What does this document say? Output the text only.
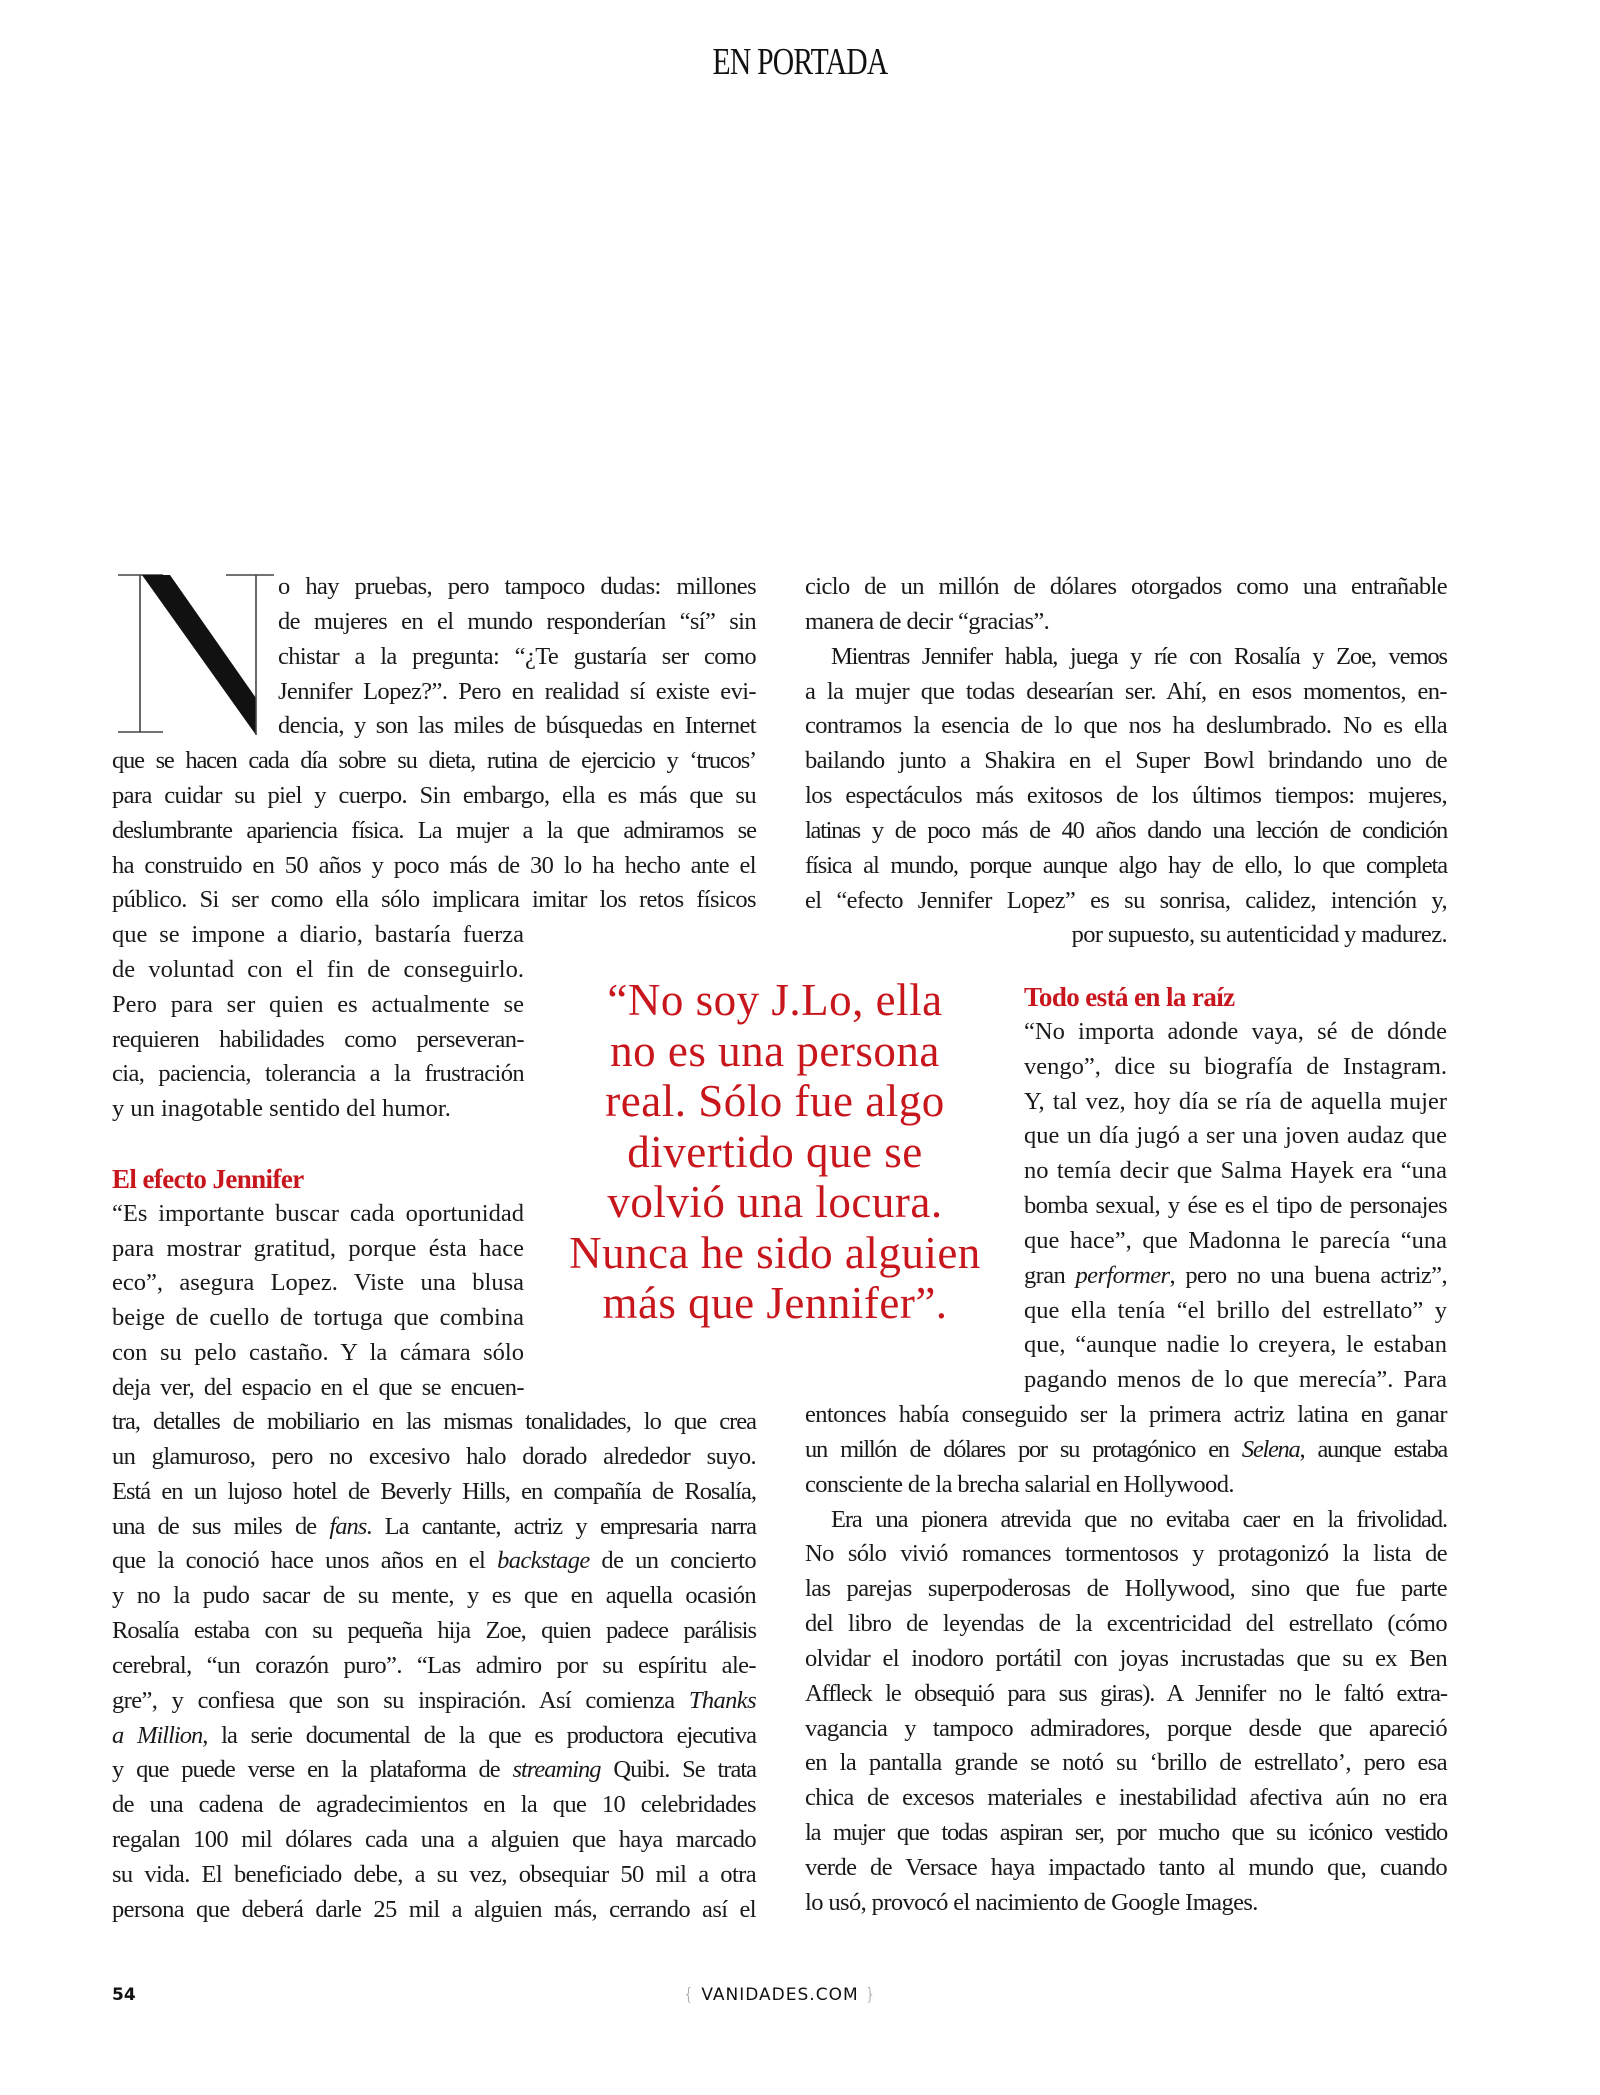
EN PORTADA
o hay pruebas, pero tampoco dudas: millones
de mujeres en el mundo responderían “sí” sin
chistar a la pregunta: “¿Te gustaría ser como
Jennifer Lopez?”. Pero en realidad sí existe evi-
dencia, y son las miles de búsquedas en Internet
que se hacen cada día sobre su dieta, rutina de ejercicio y ‘trucos’
para cuidar su piel y cuerpo. Sin embargo, ella es más que su
deslumbrante apariencia física. La mujer a la que admiramos se
ha construido en 50 años y poco más de 30 lo ha hecho ante el
público. Si ser como ella sólo implicara imitar los retos físicos
que se impone a diario, bastaría fuerza
de voluntad con el fin de conseguirlo.
Pero para ser quien es actualmente se
requieren habilidades como perseveran-
cia, paciencia, tolerancia a la frustración
y un inagotable sentido del humor.
El efecto Jennifer
“Es importante buscar cada oportunidad
para mostrar gratitud, porque ésta hace
eco”, asegura Lopez. Viste una blusa
beige de cuello de tortuga que combina
con su pelo castaño. Y la cámara sólo
deja ver, del espacio en el que se encuen-
tra, detalles de mobiliario en las mismas tonalidades, lo que crea
un glamuroso, pero no excesivo halo dorado alrededor suyo.
Está en un lujoso hotel de Beverly Hills, en compañía de Rosalía,
una de sus miles de fans. La cantante, actriz y empresaria narra
que la conoció hace unos años en el backstage de un concierto
y no la pudo sacar de su mente, y es que en aquella ocasión
Rosalía estaba con su pequeña hija Zoe, quien padece parálisis
cerebral, “un corazón puro”. “Las admiro por su espíritu ale-
gre”, y confiesa que son su inspiración. Así comienza Thanks
a Million, la serie documental de la que es productora ejecutiva
y que puede verse en la plataforma de streaming Quibi. Se trata
de una cadena de agradecimientos en la que 10 celebridades
regalan 100 mil dólares cada una a alguien que haya marcado
su vida. El beneficiado debe, a su vez, obsequiar 50 mil a otra
persona que deberá darle 25 mil a alguien más, cerrando así el
“No soy J.Lo, ella
no es una persona
real. Sólo fue algo
divertido que se
volvió una locura.
Nunca he sido alguien
más que Jennifer”.
ciclo de un millón de dólares otorgados como una entrañable
manera de decir “gracias”.
Mientras Jennifer habla, juega y ríe con Rosalía y Zoe, vemos
a la mujer que todas desearían ser. Ahí, en esos momentos, en-
contramos la esencia de lo que nos ha deslumbrado. No es ella
bailando junto a Shakira en el Super Bowl brindando uno de
los espectáculos más exitosos de los últimos tiempos: mujeres,
latinas y de poco más de 40 años dando una lección de condición
física al mundo, porque aunque algo hay de ello, lo que completa
el “efecto Jennifer Lopez” es su sonrisa, calidez, intención y,
por supuesto, su autenticidad y madurez.
Todo está en la raíz
“No importa adonde vaya, sé de dónde
vengo”, dice su biografía de Instagram.
Y, tal vez, hoy día se ría de aquella mujer
que un día jugó a ser una joven audaz que
no temía decir que Salma Hayek era “una
bomba sexual, y ése es el tipo de personajes
que hace”, que Madonna le parecía “una
gran performer, pero no una buena actriz”,
que ella tenía “el brillo del estrellato” y
que, “aunque nadie lo creyera, le estaban
pagando menos de lo que merecía”. Para
entonces había conseguido ser la primera actriz latina en ganar
un millón de dólares por su protagónico en Selena, aunque estaba
consciente de la brecha salarial en Hollywood.
Era una pionera atrevida que no evitaba caer en la frivolidad.
No sólo vivió romances tormentosos y protagonizó la lista de
las parejas superpoderosas de Hollywood, sino que fue parte
del libro de leyendas de la excentricidad del estrellato (cómo
olvidar el inodoro portátil con joyas incrustadas que su ex Ben
Affleck le obsequió para sus giras). A Jennifer no le faltó extra-
vagancia y tampoco admiradores, porque desde que apareció
en la pantalla grande se notó su ‘brillo de estrellato’, pero esa
chica de excesos materiales e inestabilidad afectiva aún no era
la mujer que todas aspiran ser, por mucho que su icónico vestido
verde de Versace haya impactado tanto al mundo que, cuando
lo usó, provocó el nacimiento de Google Images.
54	{ VANIDADES.COM }
